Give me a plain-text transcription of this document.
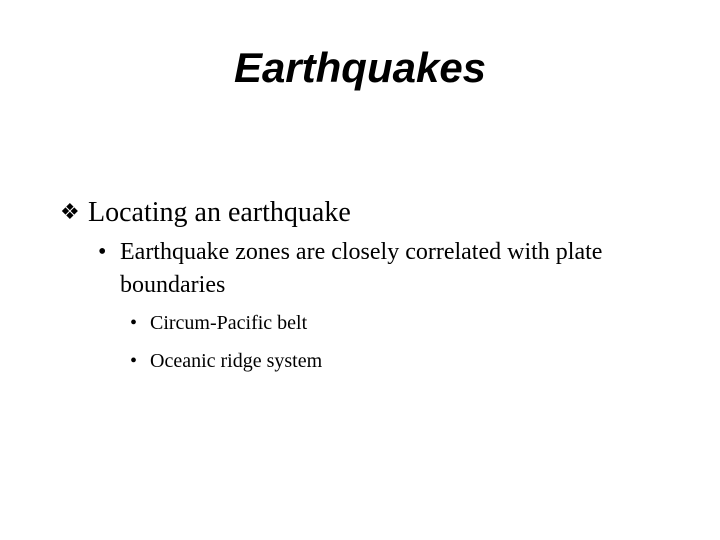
Earthquakes
❖ Locating an earthquake
• Earthquake zones are closely correlated with plate boundaries
• Circum-Pacific belt
• Oceanic ridge system
